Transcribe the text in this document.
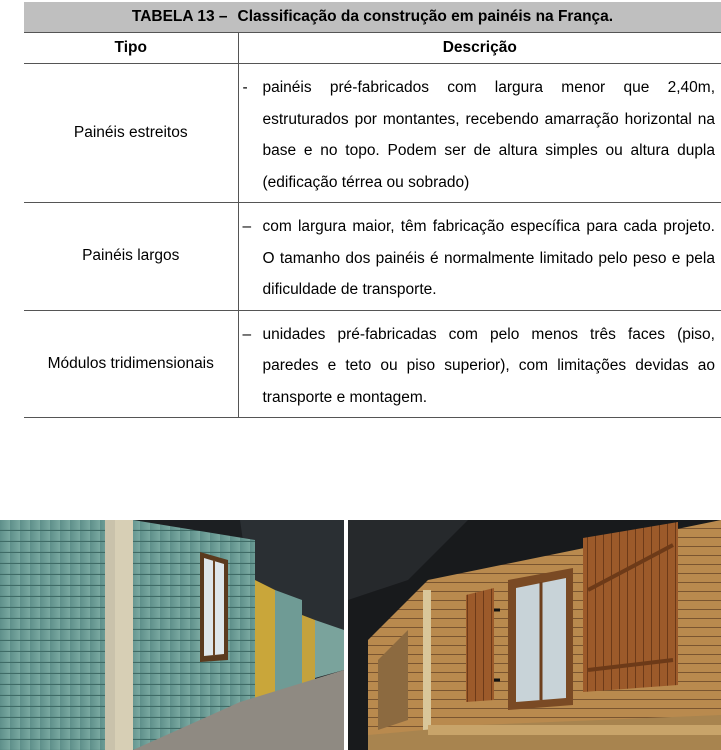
TABELA 13 – Classificação da construção em painéis na França.	
Tipo	Descrição
Painéis estreitos	- painéis pré-fabricados com largura menor que 2,40m, estruturados por montantes, recebendo amarração horizontal na base e no topo. Podem ser de altura simples ou altura dupla (edificação térrea ou sobrado)

Painéis largos	– com largura maior, têm fabricação específica para cada projeto. O tamanho dos painéis é normalmente limitado pelo peso e pela dificuldade de transporte.

Módulos tridimensionais	– unidades pré-fabricadas com pelo menos três faces (piso, paredes e teto ou piso superior), com limitações devidas ao transporte e montagem.
